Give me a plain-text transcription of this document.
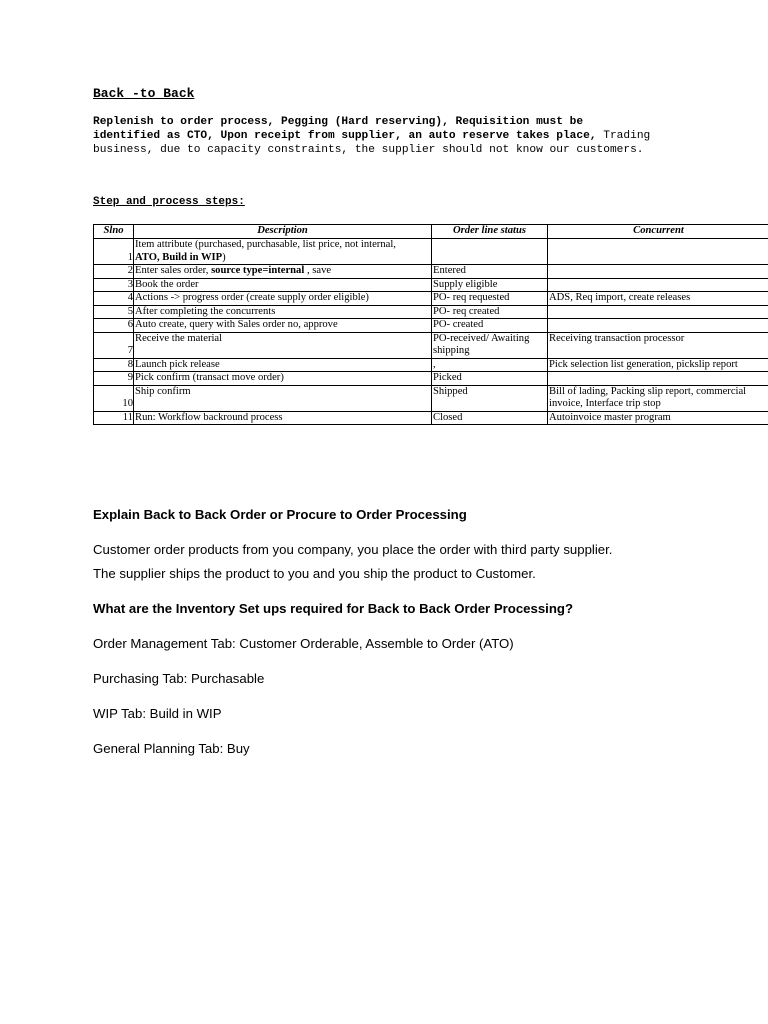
Back -to Back
Replenish to order process, Pegging (Hard reserving), Requisition must be
identified as CTO, Upon receipt from supplier, an auto reserve takes place, Trading
business, due to capacity constraints, the supplier should not know our customers.
Step and process steps:
Slno	Description	Order line status	Concurrent
1	Item attribute (purchased, purchasable, list price, not internal,
ATO, Build in WIP)		
2	Enter sales order, source type=internal , save	Entered	
3	Book the order	Supply eligible	
4	Actions -> progress order (create supply order eligible)	PO- req requested	ADS, Req import, create releases
5	After completing the concurrents	PO- req created	
6	Auto create, query with Sales order no, approve	PO- created	
7	Receive the material	PO-received/ Awaiting shipping	Receiving transaction processor
8	Launch pick release	,	Pick selection list generation, pickslip report
9	Pick confirm (transact move order)	Picked	
10	Ship confirm	Shipped	Bill of lading, Packing slip report, commercial invoice, Interface trip stop
11	Run: Workflow backround process	Closed	Autoinvoice master program
Explain Back to Back Order or Procure to Order Processing
Customer order products from you company, you place the order with third party supplier.
The supplier ships the product to you and you ship the product to Customer.
What are the Inventory Set ups required for Back to Back Order Processing?
Order Management Tab: Customer Orderable, Assemble to Order (ATO)
Purchasing Tab: Purchasable
WIP Tab: Build in WIP
General Planning Tab: Buy
